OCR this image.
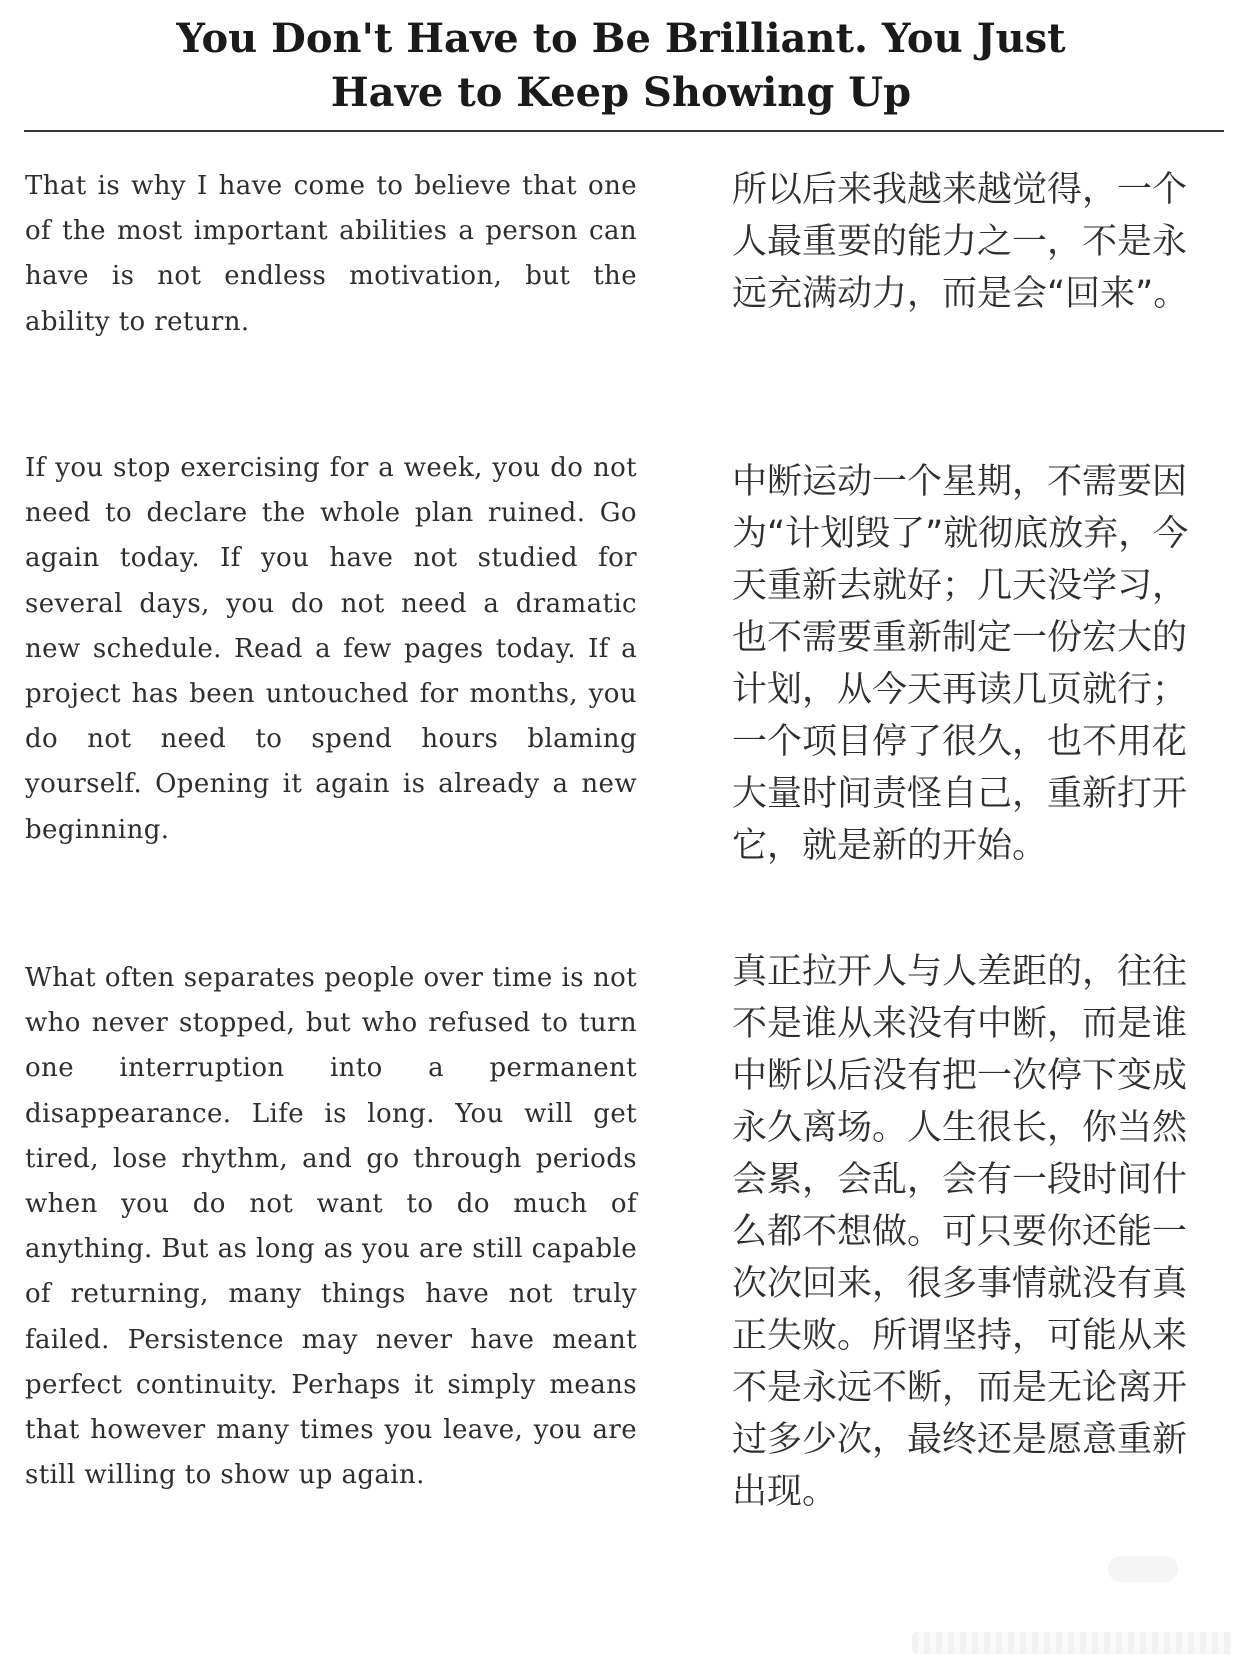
You Don't Have to Be Brilliant. You Just
Have to Keep Showing Up

That is why I have come to believe that one of the most important abilities a person can have is not endless motivation, but the ability to return.

所以后来我越来越觉得，一个人最重要的能力之一，不是永远充满动力，而是会“回来”。

If you stop exercising for a week, you do not need to declare the whole plan ruined. Go again today. If you have not studied for several days, you do not need a dramatic new schedule. Read a few pages today. If a project has been untouched for months, you do not need to spend hours blaming yourself. Opening it again is already a new beginning.

中断运动一个星期，不需要因为“计划毁了”就彻底放弃，今天重新去就好；几天没学习，也不需要重新制定一份宏大的计划，从今天再读几页就行；一个项目停了很久，也不用花大量时间责怪自己，重新打开它，就是新的开始。

What often separates people over time is not who never stopped, but who refused to turn one interruption into a permanent disappearance. Life is long. You will get tired, lose rhythm, and go through periods when you do not want to do much of anything. But as long as you are still capable of returning, many things have not truly failed. Persistence may never have meant perfect continuity. Perhaps it simply means that however many times you leave, you are still willing to show up again.

真正拉开人与人差距的，往往不是谁从来没有中断，而是谁中断以后没有把一次停下变成永久离场。人生很长，你当然会累，会乱，会有一段时间什么都不想做。可只要你还能一次次回来，很多事情就没有真正失败。所谓坚持，可能从来不是永远不断，而是无论离开过多少次，最终还是愿意重新出现。
